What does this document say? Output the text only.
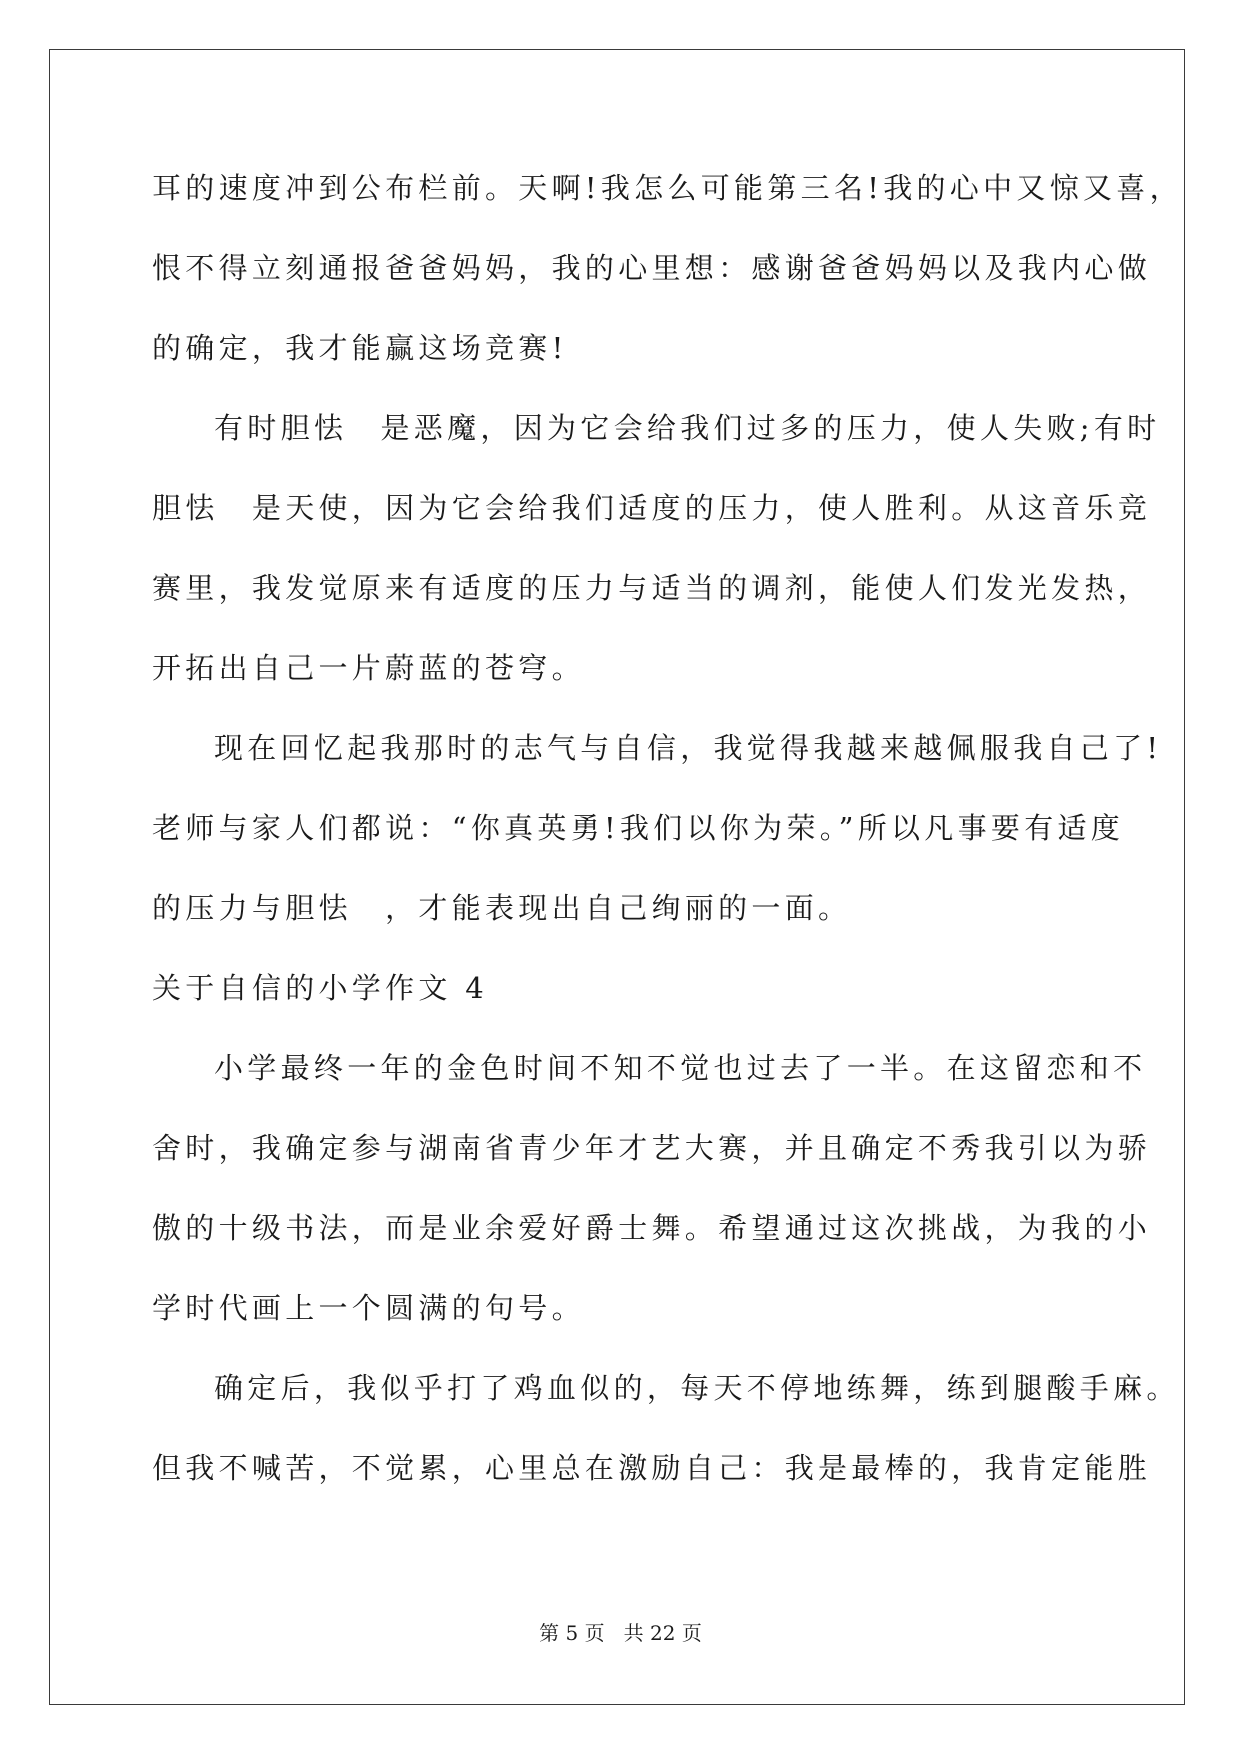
耳的速度冲到公布栏前。天啊!我怎么可能第三名!我的心中又惊又喜，
恨不得立刻通报爸爸妈妈，我的心里想：感谢爸爸妈妈以及我内心做
的确定，我才能赢这场竞赛!
有时胆怯　是恶魔，因为它会给我们过多的压力，使人失败;有时
胆怯　是天使，因为它会给我们适度的压力，使人胜利。从这音乐竞
赛里，我发觉原来有适度的压力与适当的调剂，能使人们发光发热，
开拓出自己一片蔚蓝的苍穹。
现在回忆起我那时的志气与自信，我觉得我越来越佩服我自己了!
老师与家人们都说：“你真英勇!我们以你为荣。”所以凡事要有适度
的压力与胆怯　，才能表现出自己绚丽的一面。
关于自信的小学作文 4
小学最终一年的金色时间不知不觉也过去了一半。在这留恋和不
舍时，我确定参与湖南省青少年才艺大赛，并且确定不秀我引以为骄
傲的十级书法，而是业余爱好爵士舞。希望通过这次挑战，为我的小
学时代画上一个圆满的句号。
确定后，我似乎打了鸡血似的，每天不停地练舞，练到腿酸手麻。
但我不喊苦，不觉累，心里总在激励自己：我是最棒的，我肯定能胜
第 5 页 共 22 页
